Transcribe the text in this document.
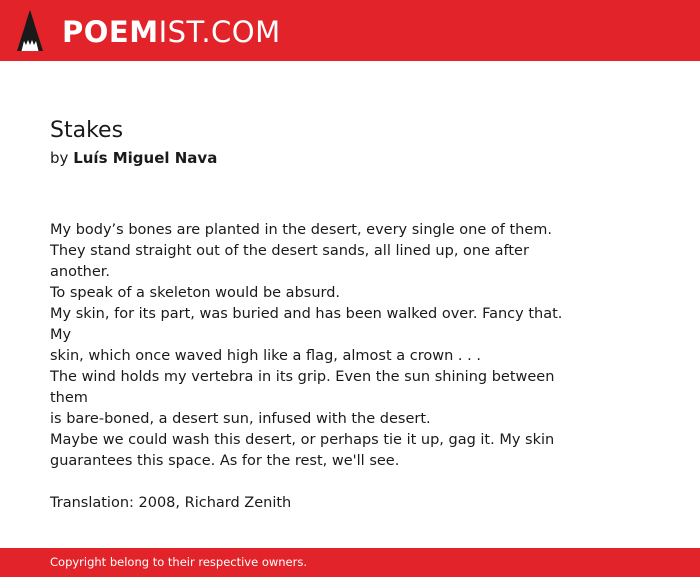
POEMIST.COM
Stakes
by Luís Miguel Nava
My body’s bones are planted in the desert, every single one of them.
They stand straight out of the desert sands, all lined up, one after
another.
To speak of a skeleton would be absurd.
My skin, for its part, was buried and has been walked over. Fancy that. My
skin, which once waved high like a flag, almost a crown . . .
The wind holds my vertebra in its grip. Even the sun shining between them
is bare-boned, a desert sun, infused with the desert.
Maybe we could wash this desert, or perhaps tie it up, gag it. My skin
guarantees this space. As for the rest, we'll see.
Translation: 2008, Richard Zenith
Copyright belong to their respective owners.
